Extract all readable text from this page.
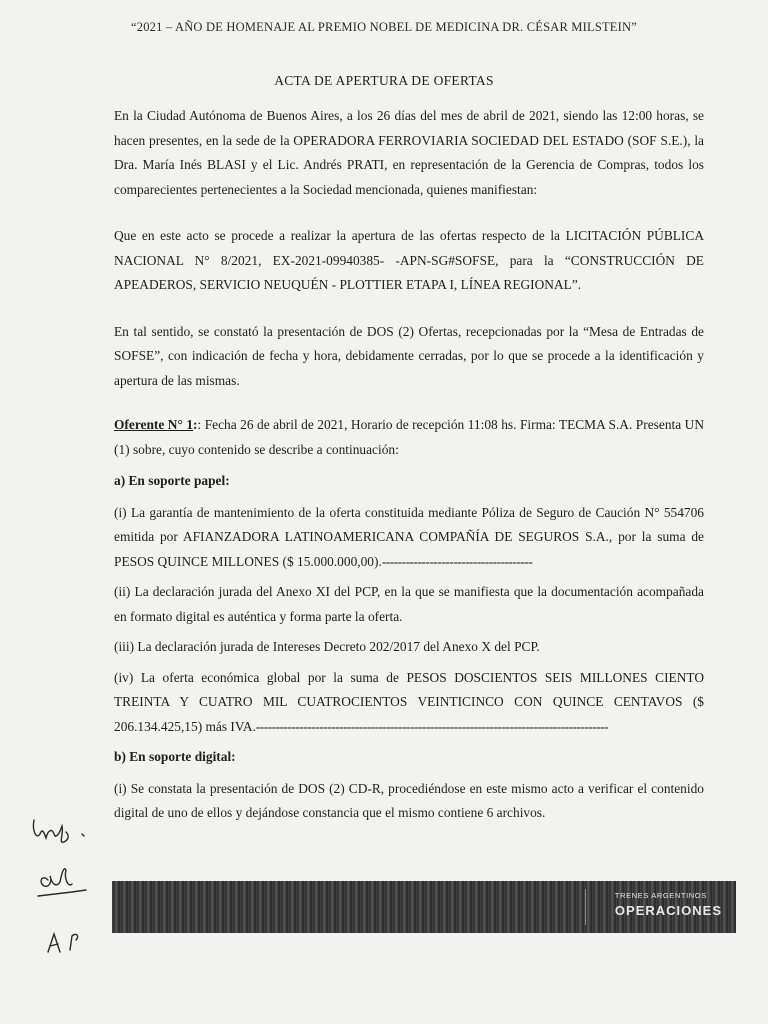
“2021 – AÑO DE HOMENAJE AL PREMIO NOBEL DE MEDICINA DR. CÉSAR MILSTEIN”
ACTA DE APERTURA DE OFERTAS

En la Ciudad Autónoma de Buenos Aires, a los 26 días del mes de abril de 2021, siendo las 12:00 horas, se hacen presentes, en la sede de la OPERADORA FERROVIARIA SOCIEDAD DEL ESTADO (SOF S.E.), la Dra. María Inés BLASI y el Lic. Andrés PRATI, en representación de la Gerencia de Compras, todos los comparecientes pertenecientes a la Sociedad mencionada, quienes manifiestan:

Que en este acto se procede a realizar la apertura de las ofertas respecto de la LICITACIÓN PÚBLICA NACIONAL N° 8/2021, EX-2021-09940385- -APN-SG#SOFSE, para la “CONSTRUCCIÓN DE APEADEROS, SERVICIO NEUQUÉN - PLOTTIER ETAPA I, LÍNEA REGIONAL”.

En tal sentido, se constató la presentación de DOS (2) Ofertas, recepcionadas por la “Mesa de Entradas de SOFSE”, con indicación de fecha y hora, debidamente cerradas, por lo que se procede a la identificación y apertura de las mismas.

Oferente N° 1:: Fecha 26 de abril de 2021, Horario de recepción 11:08 hs. Firma: TECMA S.A. Presenta UN (1) sobre, cuyo contenido se describe a continuación:

a) En soporte papel:

(i) La garantía de mantenimiento de la oferta constituida mediante Póliza de Seguro de Caución N° 554706 emitida por AFIANZADORA LATINOAMERICANA COMPAÑÍA DE SEGUROS S.A., por la suma de PESOS QUINCE MILLONES ($ 15.000.000,00).--------------------------------------

(ii) La declaración jurada del Anexo XI del PCP, en la que se manifiesta que la documentación acompañada en formato digital es auténtica y forma parte la oferta.

(iii) La declaración jurada de Intereses Decreto 202/2017 del Anexo X del PCP.

(iv) La oferta económica global por la suma de PESOS DOSCIENTOS SEIS MILLONES CIENTO TREINTA Y CUATRO MIL CUATROCIENTOS VEINTICINCO CON QUINCE CENTAVOS ($ 206.134.425,15) más IVA.-----------------------------------------------------------------------------------------

b) En soporte digital:

(i) Se constata la presentación de DOS (2) CD-R, procediéndose en este mismo acto a verificar el contenido digital de uno de ellos y dejándose constancia que el mismo contiene 6 archivos.

TRENES ARGENTINOS
OPERACIONES
